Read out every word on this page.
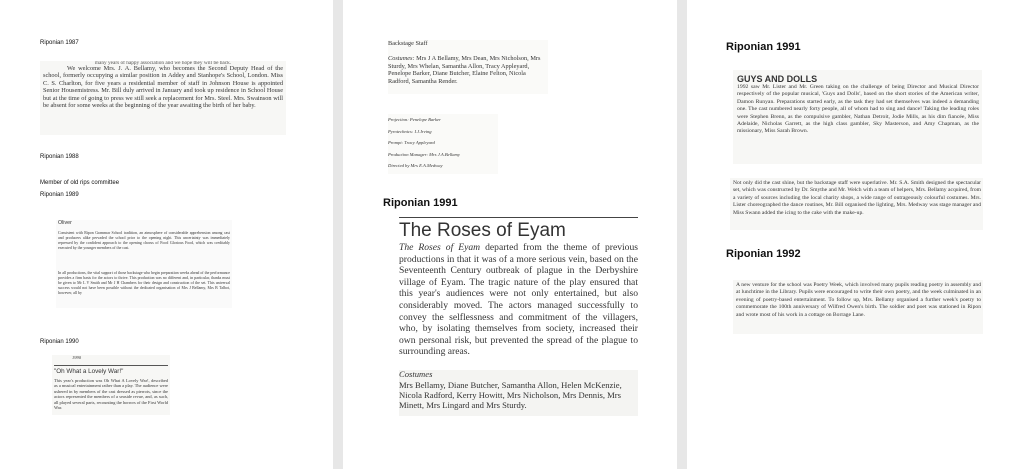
Riponian 1987

many years of happy association and we hope they will be back.

We welcome Mrs. J. A. Bellamy, who becomes the Second Deputy Head of the school, formerly occupying a similar position in Addey and Stanhope's School, London. Miss C. S. Charlton, for five years a residential member of staff in Johnson House is appointed Senior Housemistress. Mr. Bill duly arrived in January and took up residence in School House but at the time of going to press we still seek a replacement for Mrs. Steel. Mrs. Swainson will be absent for some weeks at the beginning of the year awaiting the birth of her baby.

Riponian 1988
Member of old rips committee
Riponian 1989

Oliver

Consistent with Ripon Grammar School tradition, an atmosphere of considerable apprehension among cast and producers alike pervaded the school prior to the opening night. This uncertainty was immediately repressed by the confident approach to the opening chorus of Food Glorious Food, which was creditably executed by the younger members of the cast.

In all productions, the vital support of those backstage who begin preparation weeks ahead of the performance provides a firm basis for the actors to thrive. This production was no different and, in particular, thanks must be given to Mr L V Smith and Mr J H Chambers for their design and construction of the set. This universal success would not have been possible without the dedicated organisation of Mrs J Bellamy, Mrs B Talbot, however, all by

Riponian 1990

1990

"Oh What a Lovely War!"

This year's production was Oh What A Lovely War!, described as a musical entertainment rather than a play. The audience were ushered in by members of the cast dressed as pierrots, since the actors represented the members of a seaside revue, and, as such, all played several parts, recounting the horrors of the First World War.

Backstage Staff

Costumes: Mrs J A Bellamy, Mrs Dean, Mrs Nicholson, Mrs Sturdy, Mrs Whelan, Samantha Allon, Tracy Appleyard, Penelope Barker, Diane Butcher, Elaine Felton, Nicola Radford, Samantha Render.

Projection: Penelope Barker

Pyrotechnics: I.J.Irving

Prompt: Tracy Appleyard

Production Manager: Mrs J.A.Bellamy

Directed by Mrs E.A.Medway

Riponian 1991

The Roses of Eyam

The Roses of Eyam departed from the theme of previous productions in that it was of a more serious vein, based on the Seventeenth Century outbreak of plague in the Derbyshire village of Eyam. The tragic nature of the play ensured that this year's audiences were not only entertained, but also considerably moved. The actors managed successfully to convey the selflessness and commitment of the villagers, who, by isolating themselves from society, increased their own personal risk, but prevented the spread of the plague to surrounding areas.

Costumes

Mrs Bellamy, Diane Butcher, Samantha Allon, Helen McKenzie, Nicola Radford, Kerry Howitt, Mrs Nicholson, Mrs Dennis, Mrs Minett, Mrs Lingard and Mrs Sturdy.

Riponian 1991

GUYS AND DOLLS

1992 saw Mr. Lister and Mr. Green taking on the challenge of being Director and Musical Director respectively of the popular musical, 'Guys and Dolls', based on the short stories of the American writer, Damon Runyan. Preparations started early, as the task they had set themselves was indeed a demanding one. The cast numbered nearly forty people, all of whom had to sing and dance! Taking the leading roles were Stephen Brenn, as the compulsive gambler, Nathan Detroit, Jodie Mills, as his dim fiancée, Miss Adelaide, Nicholas Garrett, as the high class gambler, Sky Masterson, and Amy Chapman, as the missionary, Miss Sarah Brown.

Not only did the cast shine, but the backstage staff were superlative. Mr. S.A. Smith designed the spectacular set, which was constructed by Dr. Smythe and Mr. Welch with a team of helpers, Mrs. Bellamy acquired, from a variety of sources including the local charity shops, a wide range of outrageously colourful costumes. Mrs. Lister choreographed the dance routines, Mr. Bill organised the lighting, Mrs. Medway was stage manager and Miss Swann added the icing to the cake with the make-up.

Riponian 1992

A new venture for the school was Poetry Week, which involved many pupils reading poetry in assembly and at lunchtime in the Library. Pupils were encouraged to write their own poetry, and the week culminated in an evening of poetry-based entertainment. To follow up, Mrs. Bellamy organised a further week's poetry to commemorate the 100th anniversary of Wilfred Owen's birth. The soldier and poet was stationed in Ripon and wrote most of his work in a cottage on Borrage Lane.
